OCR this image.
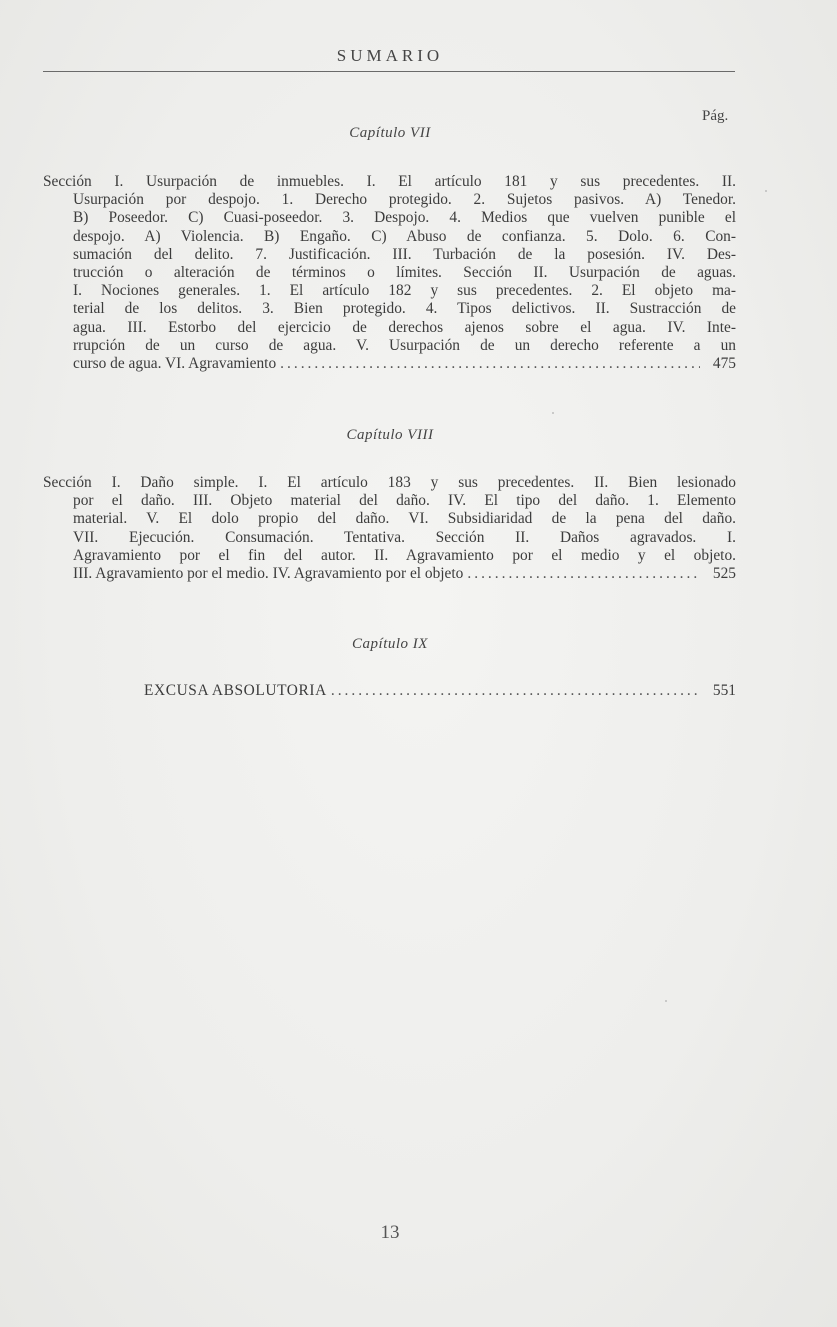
SUMARIO
Pág.
Capítulo VII
Sección I. Usurpación de inmuebles. I. El artículo 181 y sus precedentes. II.
Usurpación por despojo. 1. Derecho protegido. 2. Sujetos pasivos. A) Tenedor.
B) Poseedor. C) Cuasi-poseedor. 3. Despojo. 4. Medios que vuelven punible el
despojo. A) Violencia. B) Engaño. C) Abuso de confianza. 5. Dolo. 6. Con-
sumación del delito. 7. Justificación. III. Turbación de la posesión. IV. Des-
trucción o alteración de términos o límites. Sección II. Usurpación de aguas.
I. Nociones generales. 1. El artículo 182 y sus precedentes. 2. El objeto ma-
terial de los delitos. 3. Bien protegido. 4. Tipos delictivos. II. Sustracción de
agua. III. Estorbo del ejercicio de derechos ajenos sobre el agua. IV. Inte-
rrupción de un curso de agua. V. Usurpación de un derecho referente a un
curso de agua. VI. Agravamiento .....	475
Capítulo VIII
Sección I. Daño simple. I. El artículo 183 y sus precedentes. II. Bien lesionado
por el daño. III. Objeto material del daño. IV. El tipo del daño. 1. Elemento
material. V. El dolo propio del daño. VI. Subsidiaridad de la pena del daño.
VII. Ejecución. Consumación. Tentativa. Sección II. Daños agravados. I.
Agravamiento por el fin del autor. II. Agravamiento por el medio y el objeto.
III. Agravamiento por el medio. IV. Agravamiento por el objeto .....	525
Capítulo IX
EXCUSA ABSOLUTORIA .....	551
13
